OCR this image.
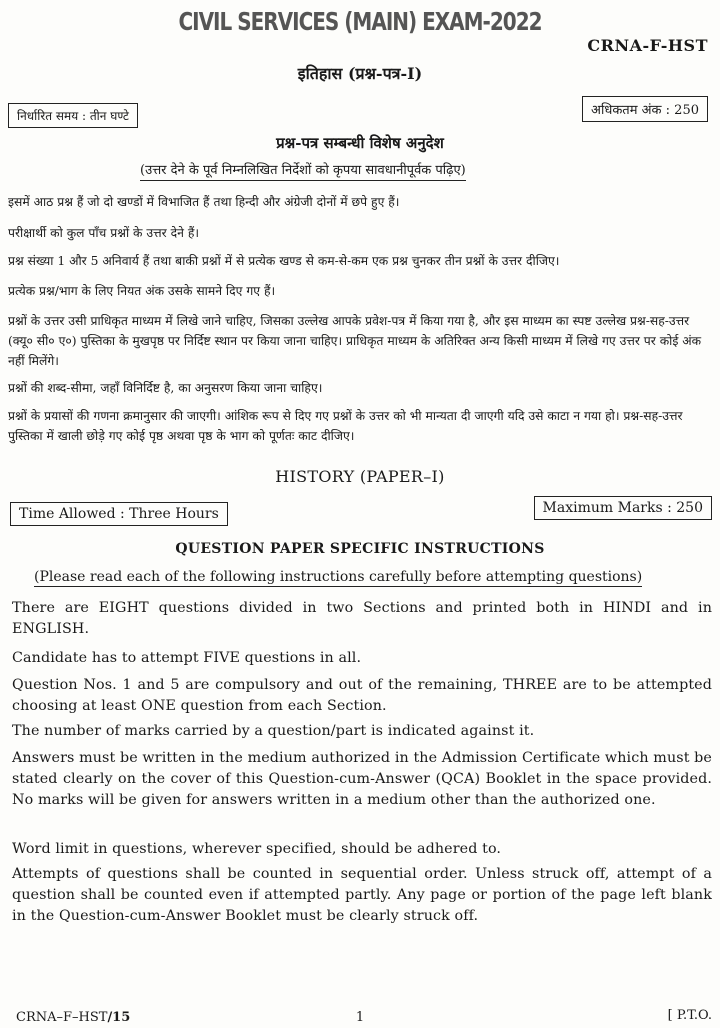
CIVIL SERVICES (MAIN) EXAM-2022
CRNA-F-HST
इतिहास (प्रश्न-पत्र-I)
निर्धारित समय : तीन घण्टे	अधिकतम अंक : 250
प्रश्न-पत्र सम्बन्धी विशेष अनुदेश
(उत्तर देने के पूर्व निम्नलिखित निर्देशों को कृपया सावधानीपूर्वक पढ़िए)
इसमें आठ प्रश्न हैं जो दो खण्डों में विभाजित हैं तथा हिन्दी और अंग्रेजी दोनों में छपे हुए हैं।
परीक्षार्थी को कुल पाँच प्रश्नों के उत्तर देने हैं।
प्रश्न संख्या 1 और 5 अनिवार्य हैं तथा बाकी प्रश्नों में से प्रत्येक खण्ड से कम-से-कम एक प्रश्न चुनकर तीन प्रश्नों के उत्तर दीजिए।
प्रत्येक प्रश्न/भाग के लिए नियत अंक उसके सामने दिए गए हैं।
प्रश्नों के उत्तर उसी प्राधिकृत माध्यम में लिखे जाने चाहिए, जिसका उल्लेख आपके प्रवेश-पत्र में किया गया है, और इस माध्यम का स्पष्ट उल्लेख प्रश्न-सह-उत्तर (क्यू० सी० ए०) पुस्तिका के मुखपृष्ठ पर निर्दिष्ट स्थान पर किया जाना चाहिए। प्राधिकृत माध्यम के अतिरिक्त अन्य किसी माध्यम में लिखे गए उत्तर पर कोई अंक नहीं मिलेंगे।
प्रश्नों की शब्द-सीमा, जहाँ विनिर्दिष्ट है, का अनुसरण किया जाना चाहिए।
प्रश्नों के प्रयासों की गणना क्रमानुसार की जाएगी। आंशिक रूप से दिए गए प्रश्नों के उत्तर को भी मान्यता दी जाएगी यदि उसे काटा न गया हो। प्रश्न-सह-उत्तर पुस्तिका में खाली छोड़े गए कोई पृष्ठ अथवा पृष्ठ के भाग को पूर्णतः काट दीजिए।
HISTORY (PAPER–I)
Time Allowed : Three Hours	Maximum Marks : 250
QUESTION PAPER SPECIFIC INSTRUCTIONS
(Please read each of the following instructions carefully before attempting questions)
There are EIGHT questions divided in two Sections and printed both in HINDI and in ENGLISH.
Candidate has to attempt FIVE questions in all.
Question Nos. 1 and 5 are compulsory and out of the remaining, THREE are to be attempted choosing at least ONE question from each Section.
The number of marks carried by a question/part is indicated against it.
Answers must be written in the medium authorized in the Admission Certificate which must be stated clearly on the cover of this Question-cum-Answer (QCA) Booklet in the space provided. No marks will be given for answers written in a medium other than the authorized one.
Word limit in questions, wherever specified, should be adhered to.
Attempts of questions shall be counted in sequential order. Unless struck off, attempt of a question shall be counted even if attempted partly. Any page or portion of the page left blank in the Question-cum-Answer Booklet must be clearly struck off.
CRNA–F–HST/15	1	[ P.T.O.
